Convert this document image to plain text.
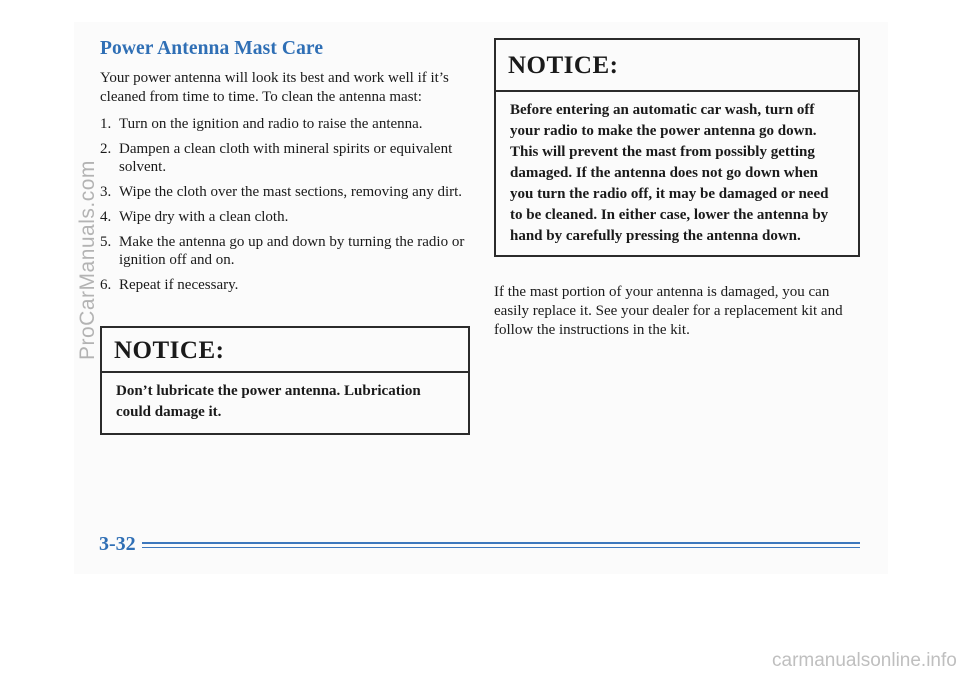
Power Antenna Mast Care

Your power antenna will look its best and work well if it’s cleaned from time to time. To clean the antenna mast:

1. Turn on the ignition and radio to raise the antenna.
2. Dampen a clean cloth with mineral spirits or equivalent solvent.
3. Wipe the cloth over the mast sections, removing any dirt.
4. Wipe dry with a clean cloth.
5. Make the antenna go up and down by turning the radio or ignition off and on.
6. Repeat if necessary.
NOTICE:
Don’t lubricate the power antenna. Lubrication could damage it.
NOTICE:
Before entering an automatic car wash, turn off your radio to make the power antenna go down. This will prevent the mast from possibly getting damaged. If the antenna does not go down when you turn the radio off, it may be damaged or need to be cleaned. In either case, lower the antenna by hand by carefully pressing the antenna down.

If the mast portion of your antenna is damaged, you can easily replace it. See your dealer for a replacement kit and follow the instructions in the kit.

3-32
ProCarManuals.com
carmanualsonline.info
